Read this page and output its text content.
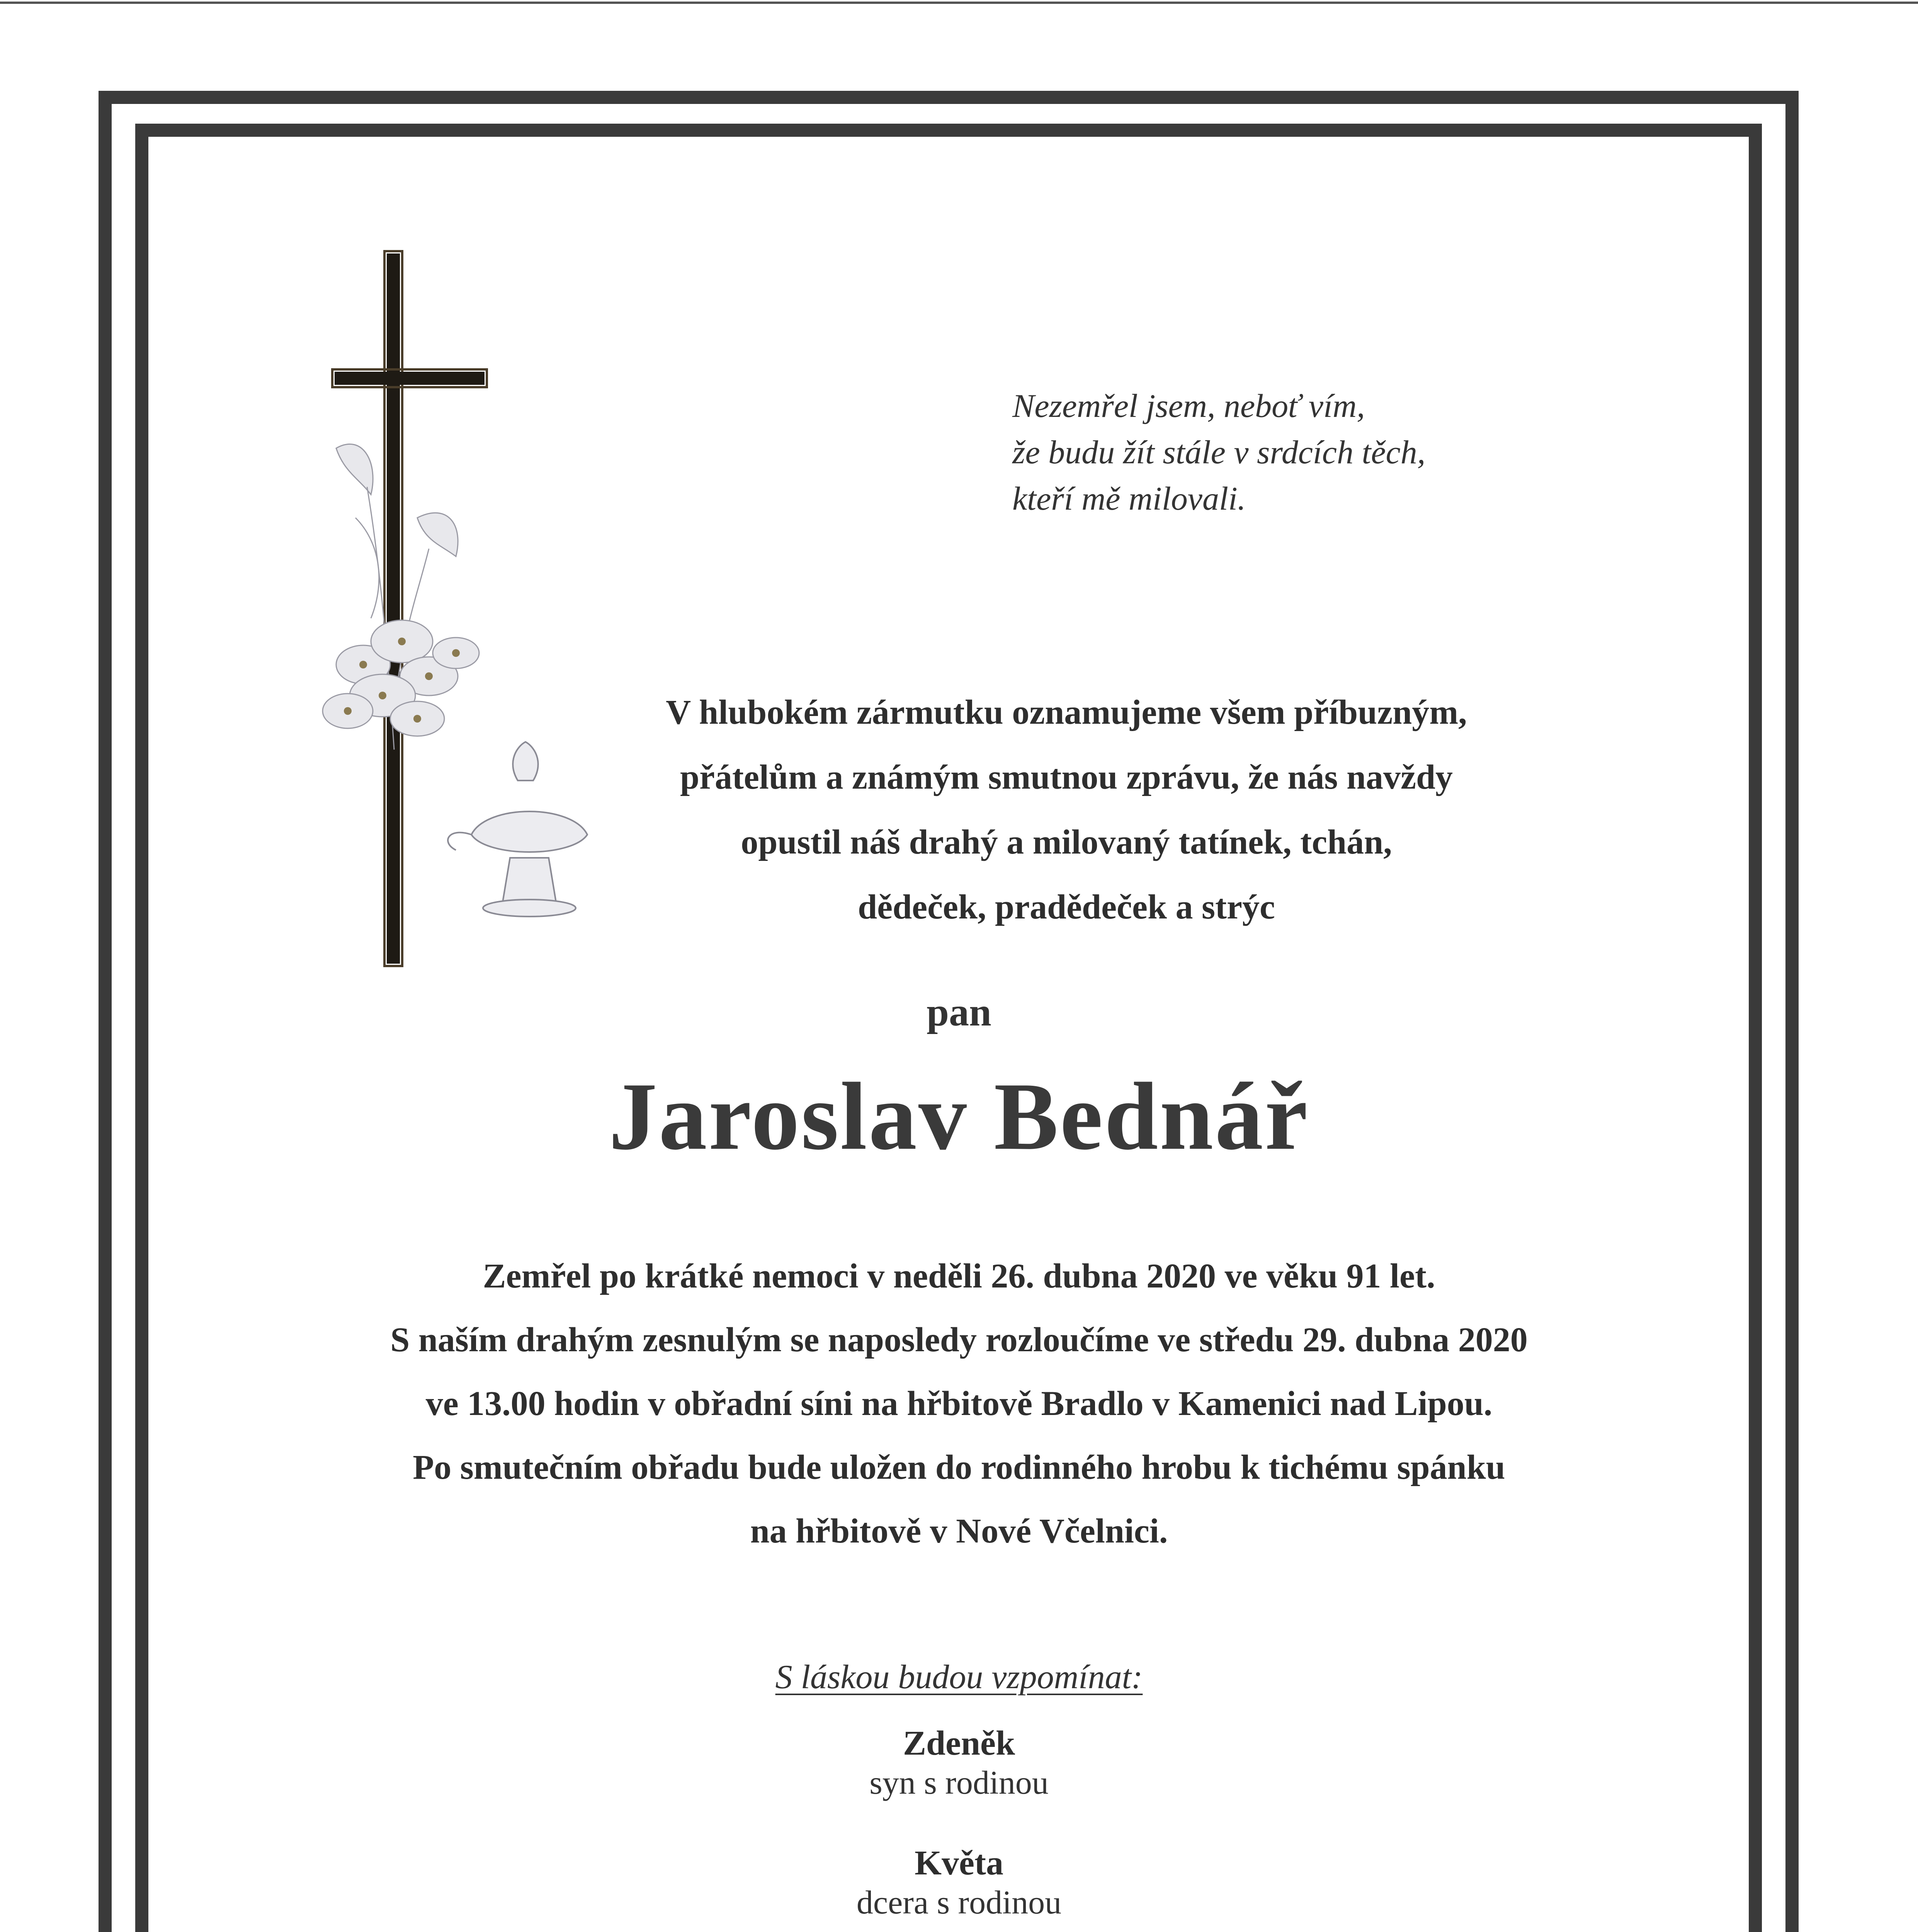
Nezemřel jsem, neboť vím,
že budu žít stále v srdcích těch,
kteří mě milovali.
V hlubokém zármutku oznamujeme všem příbuzným,
přátelům a známým smutnou zprávu, že nás navždy
opustil náš drahý a milovaný tatínek, tchán,
dědeček, pradědeček a strýc
pan
Jaroslav Bednář
Zemřel po krátké nemoci v neděli 26. dubna 2020 ve věku 91 let.
S naším drahým zesnulým se naposledy rozloučíme ve středu 29. dubna 2020
ve 13.00 hodin v obřadní síni na hřbitově Bradlo v Kamenici nad Lipou.
Po smutečním obřadu bude uložen do rodinného hrobu k tichému spánku
na hřbitově v Nové Včelnici.
S láskou budou vzpomínat:
Zdeněk
syn s rodinou
Květa
dcera s rodinou
